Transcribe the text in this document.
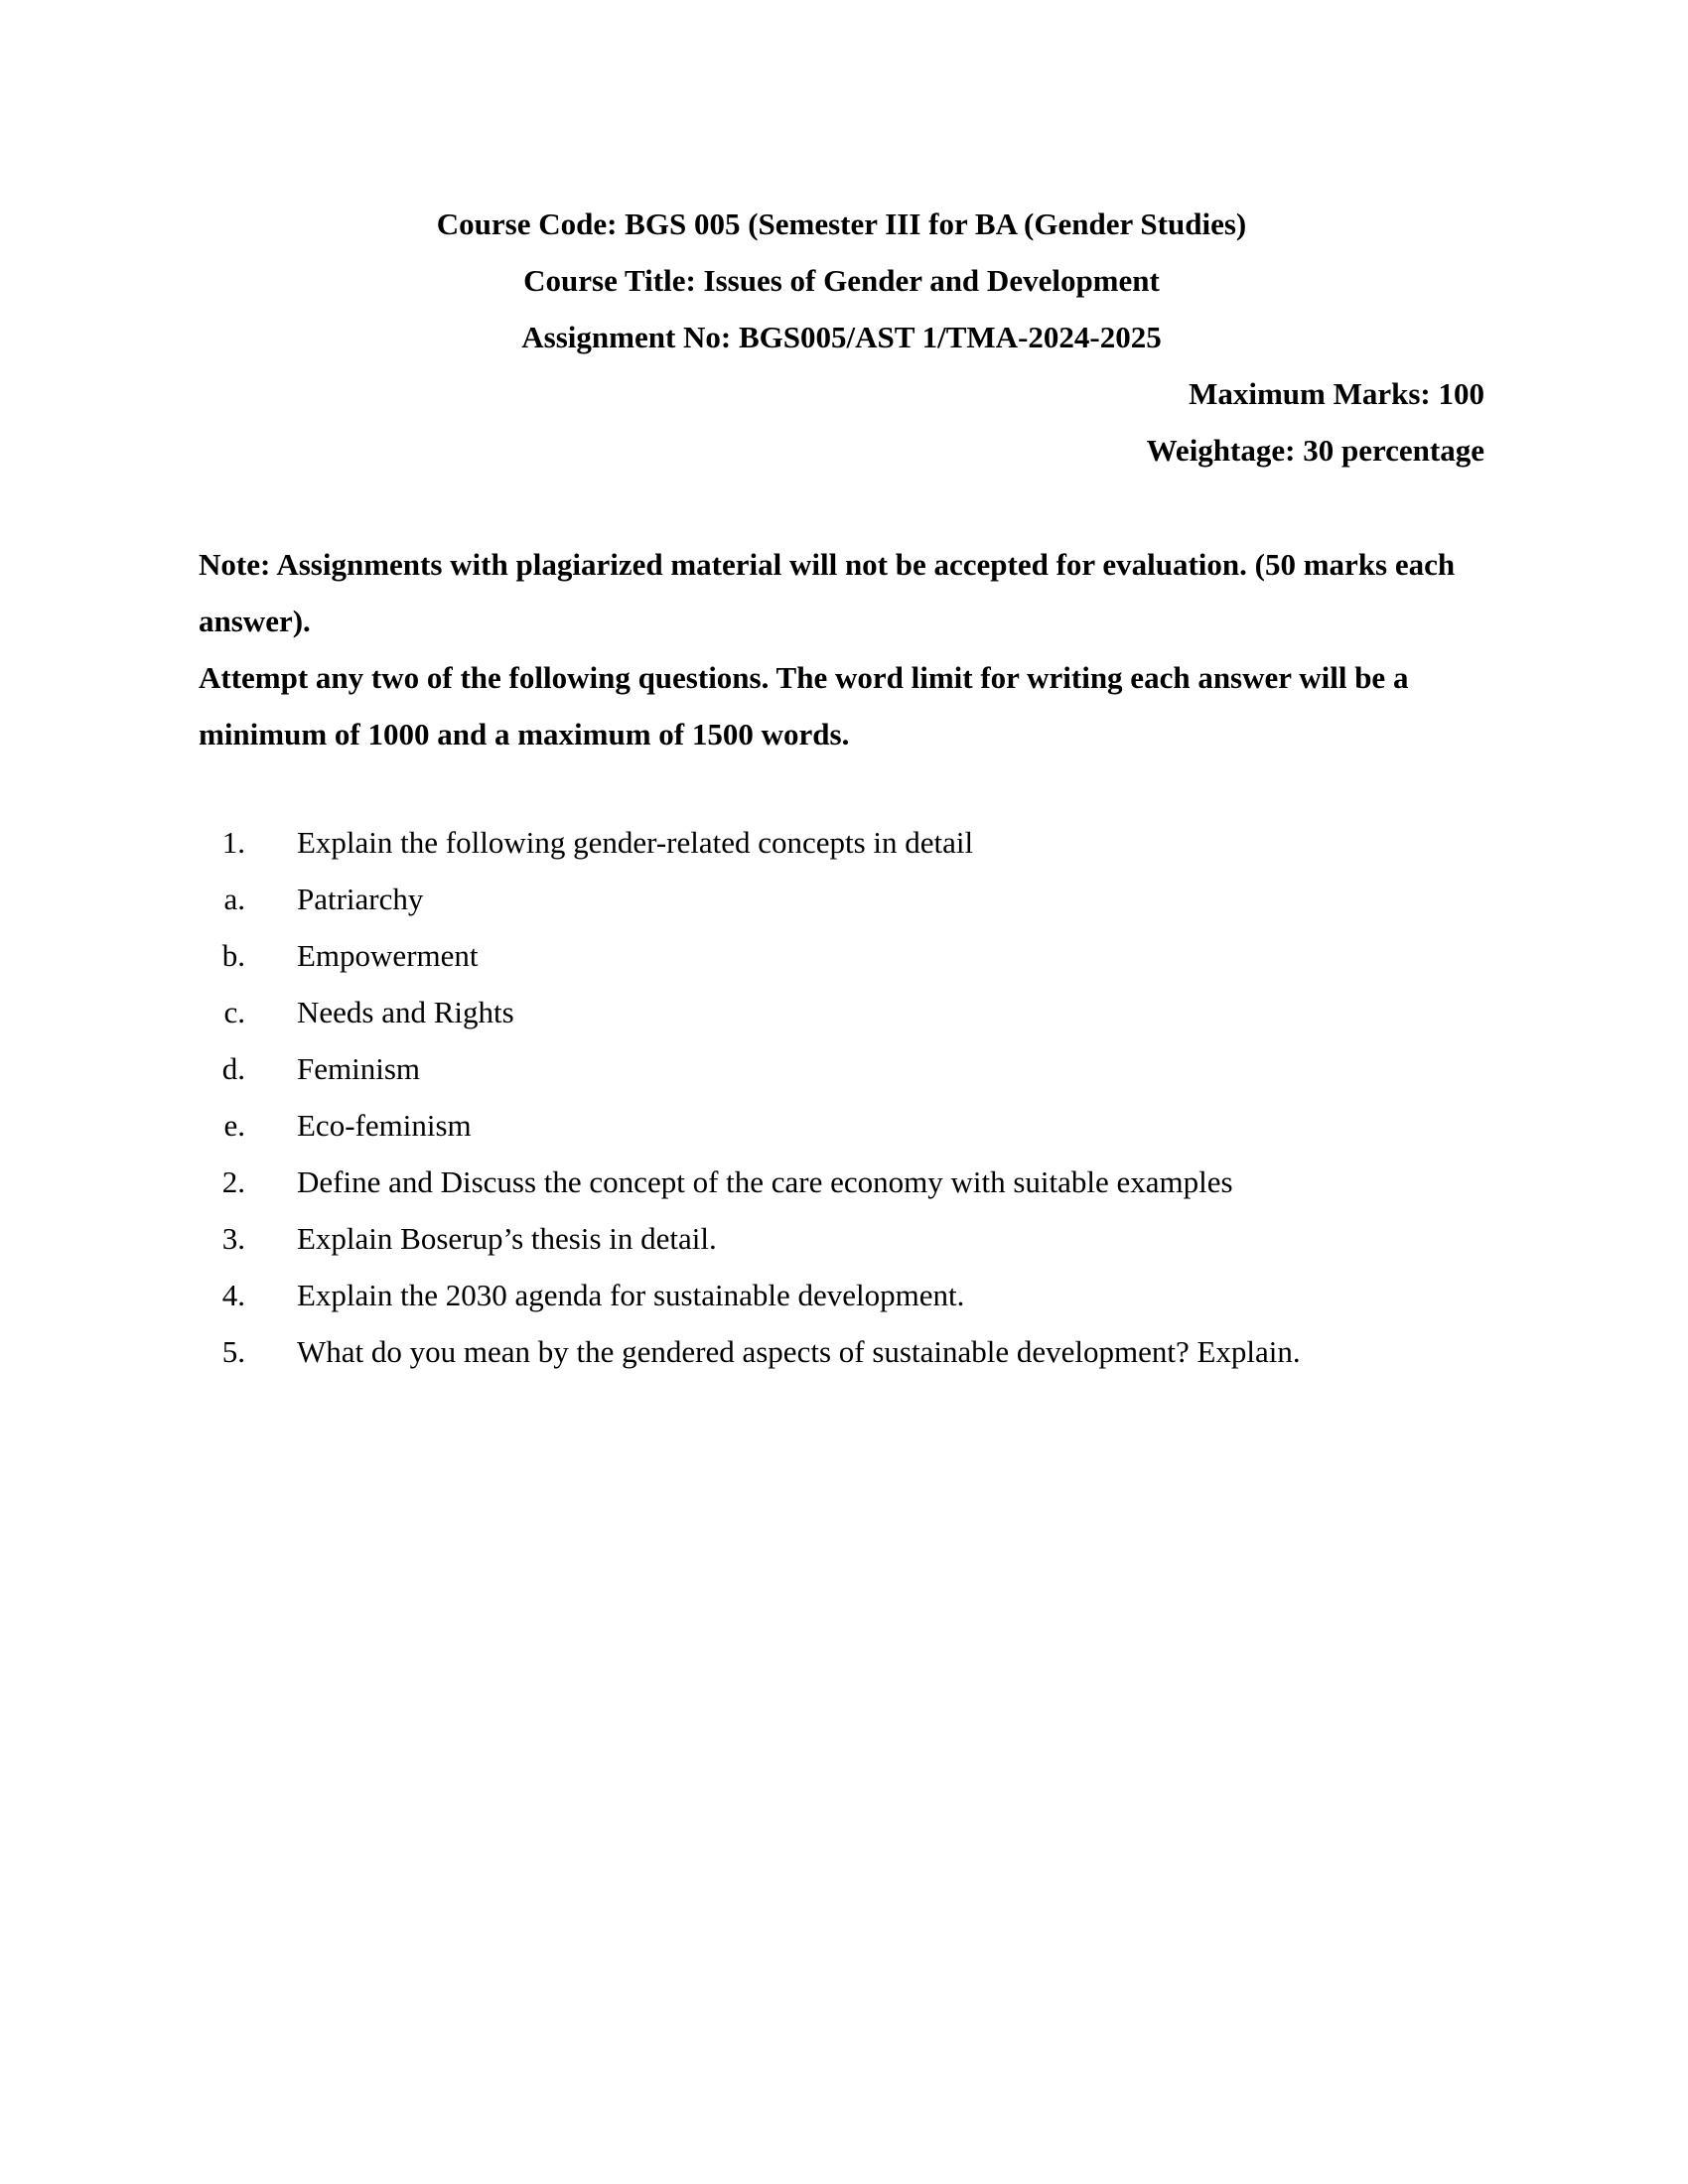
Course Code: BGS 005 (Semester III for BA (Gender Studies)
Course Title: Issues of Gender and Development
Assignment No: BGS005/AST 1/TMA-2024-2025
Maximum Marks: 100
Weightage: 30 percentage

Note: Assignments with plagiarized material will not be accepted for evaluation. (50 marks each answer).

Attempt any two of the following questions. The word limit for writing each answer will be a minimum of 1000 and a maximum of 1500 words.

1.	Explain the following gender-related concepts in detail
a.	Patriarchy
b.	Empowerment
c.	Needs and Rights
d.	Feminism
e.	Eco-feminism
2.	Define and Discuss the concept of the care economy with suitable examples
3.	Explain Boserup’s thesis in detail.
4.	Explain the 2030 agenda for sustainable development.
5.	What do you mean by the gendered aspects of sustainable development? Explain.
